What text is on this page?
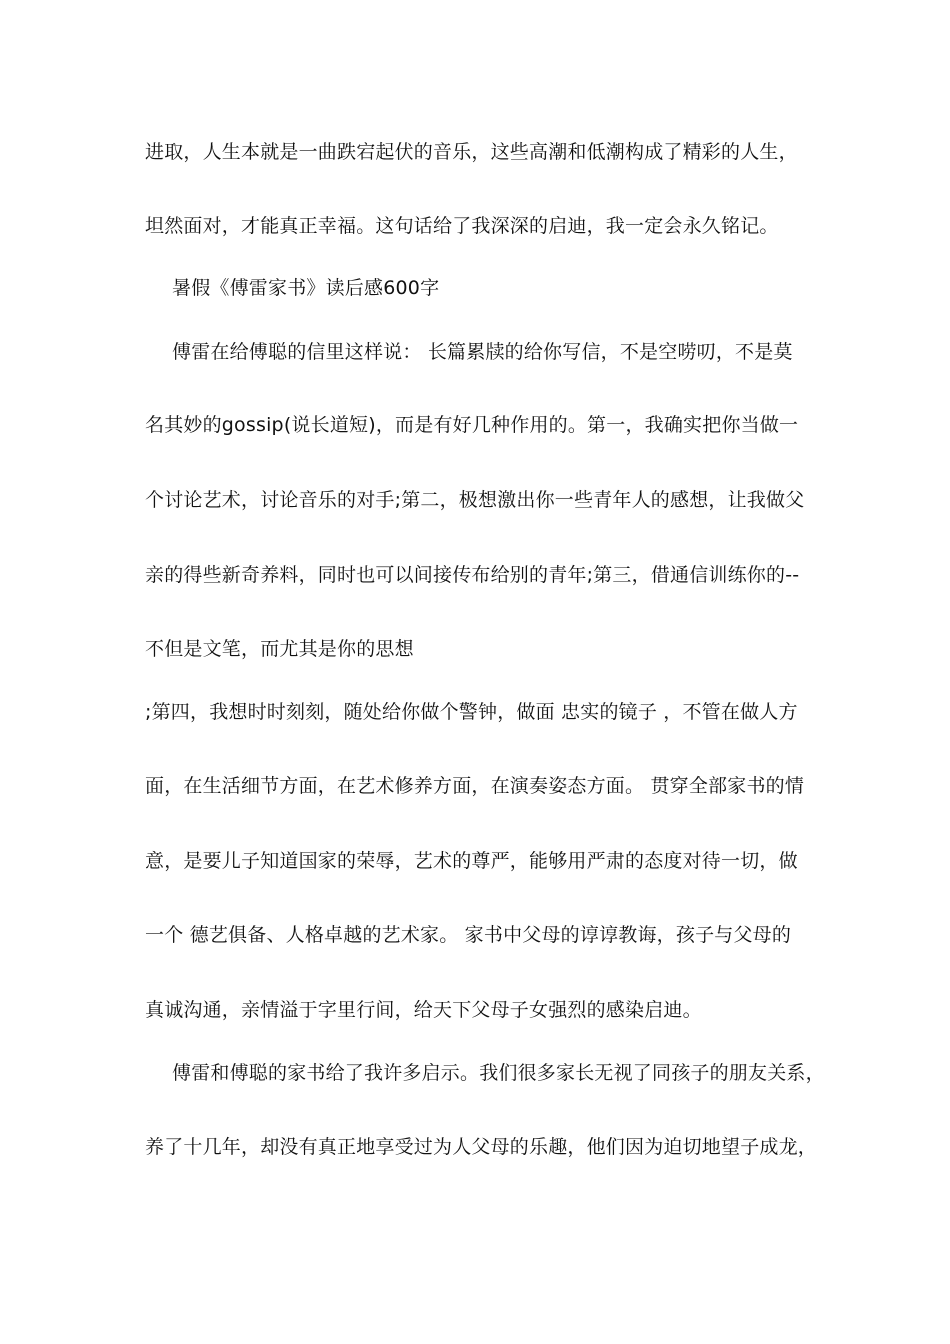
进取，人生本就是一曲跌宕起伏的音乐，这些高潮和低潮构成了精彩的人生，
坦然面对，才能真正幸福。这句话给了我深深的启迪，我一定会永久铭记。
暑假《傅雷家书》读后感600字
傅雷在给傅聪的信里这样说： 长篇累牍的给你写信，不是空唠叨，不是莫
名其妙的gossip(说长道短)，而是有好几种作用的。第一，我确实把你当做一
个讨论艺术，讨论音乐的对手;第二，极想激出你一些青年人的感想，让我做父
亲的得些新奇养料，同时也可以间接传布给别的青年;第三，借通信训练你的--
不但是文笔，而尤其是你的思想
;第四，我想时时刻刻，随处给你做个警钟，做面 忠实的镜子 ，不管在做人方
面，在生活细节方面，在艺术修养方面，在演奏姿态方面。 贯穿全部家书的情
意，是要儿子知道国家的荣辱，艺术的尊严，能够用严肃的态度对待一切，做
一个 德艺俱备、人格卓越的艺术家。 家书中父母的谆谆教诲，孩子与父母的
真诚沟通，亲情溢于字里行间，给天下父母子女强烈的感染启迪。
傅雷和傅聪的家书给了我许多启示。我们很多家长无视了同孩子的朋友关系，
养了十几年，却没有真正地享受过为人父母的乐趣，他们因为迫切地望子成龙，
